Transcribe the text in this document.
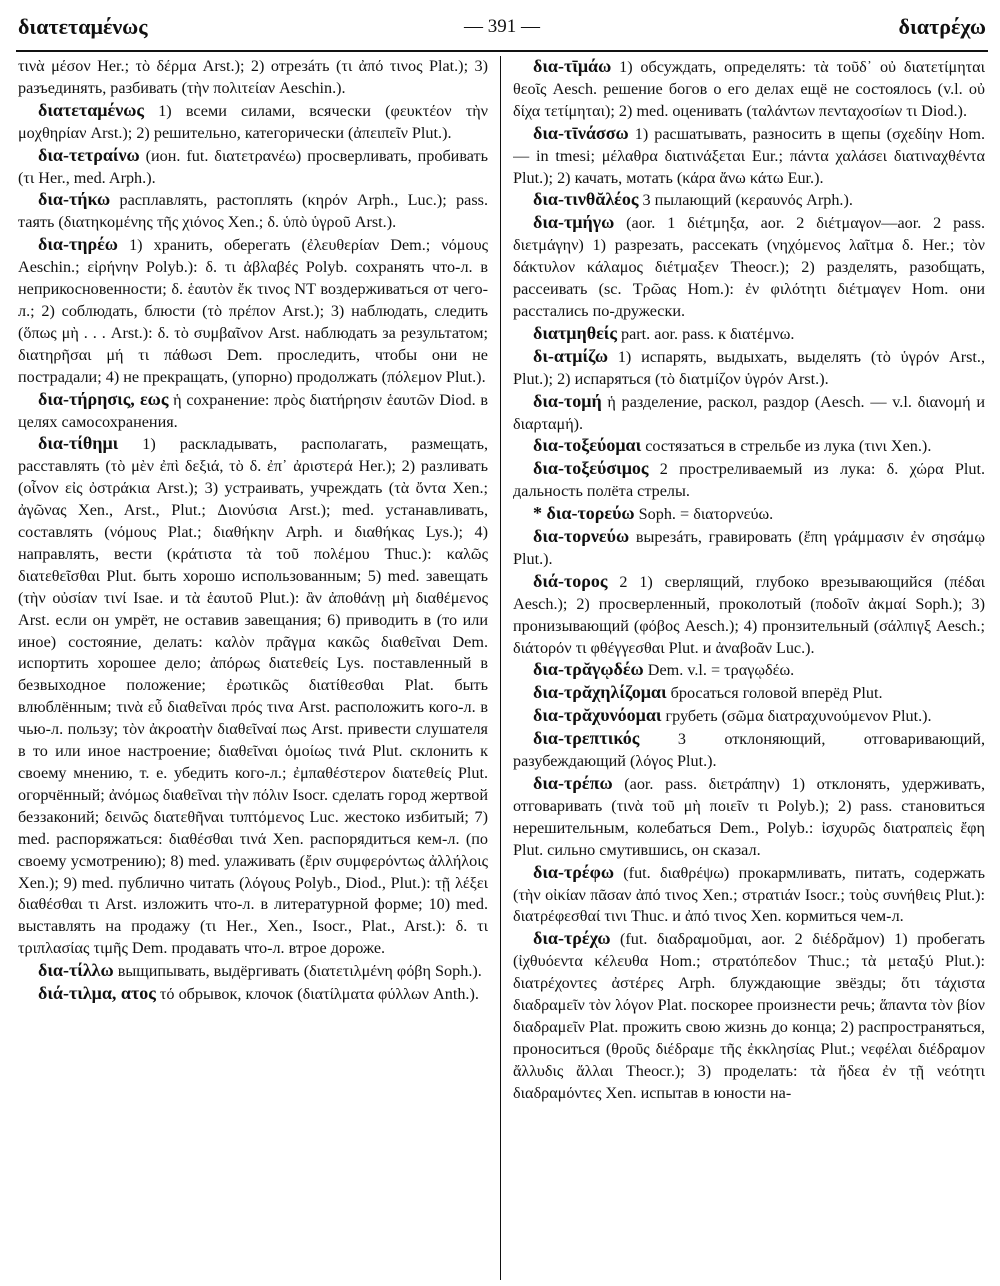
διατεταμένως	— 391 —	διατρέχω

τινὰ μέσον Her.; τὸ δέρμα Arst.); 2) отрезáть (τι ἀπό τινος Plat.); 3) разъединять, разбивать (τὴν πολιτείαν Aeschin.).

διατεταμένως 1) всеми силами, всячески (φευκτέον τὴν μοχθηρίαν Arst.); 2) решительно, категорически (ἀπειπεῖν Plut.).

δια-τετραίνω (ион. fut. διατετρανέω) просверливать, пробивать (τι Her., med. Arph.).

δια-τήκω расплавлять, растоплять (κηρόν Arph., Luc.); pass. таять (διατηκομένης τῆς χιόνος Xen.; δ. ὑπὸ ὑγροῦ Arst.).

δια-τηρέω 1) хранить, оберегать (ἐλευθερίαν Dem.; νόμους Aeschin.; εἰρήνην Polyb.): δ. τι ἀβλαβές Polyb. сохранять что-л. в неприкосновенности; δ. ἑαυτὸν ἔκ τινος NT воздерживаться от чего-л.; 2) соблюдать, блюсти (τὸ πρέπον Arst.); 3) наблюдать, следить (ὅπως μὴ . . . Arst.): δ. τὸ συμβαῖνον Arst. наблюдать за результатом; διατηρῆσαι μή τι πάθωσι Dem. проследить, чтобы они не пострадали; 4) не прекращать, (упорно) продолжать (πόλεμον Plut.).

δια-τήρησις, εως ἡ сохранение: πρὸς διατήρησιν ἑαυτῶν Diod. в целях самосохранения.

δια-τίθημι 1) раскладывать, располагать, размещать, расставлять (τὸ μὲν ἐπὶ δεξιά, τὸ δ. ἐπ᾽ ἀριστερά Her.); 2) разливать (οἶνον εἰς ὀστράκια Arst.); 3) устраивать, учреждать (τὰ ὄντα Xen.; ἀγῶνας Xen., Arst., Plut.; Διονύσια Arst.); med. устанавливать, составлять (νόμους Plat.; διαθήκην Arph. и διαθήκας Lys.); 4) направлять, вести (κράτιστα τὰ τοῦ πολέμου Thuc.): καλῶς διατεθεῖσθαι Plut. быть хорошо использованным; 5) med. завещать (τὴν οὐσίαν τινί Isae. и τὰ ἑαυτοῦ Plut.): ἂν ἀποθάνῃ μὴ διαθέμενος Arst. если он умрёт, не оставив завещания; 6) приводить в (то или иное) состояние, делать: καλὸν πρᾶγμα κακῶς διαθεῖναι Dem. испортить хорошее дело; ἀπόρως διατεθείς Lys. поставленный в безвыходное положение; ἐρωτικῶς διατίθεσθαι Plat. быть влюблённым; τινὰ εὖ διαθεῖναι πρός τινα Arst. расположить кого-л. в чью-л. пользу; τὸν ἀκροατὴν διαθεῖναί πως Arst. привести слушателя в то или иное настроение; διαθεῖναι ὁμοίως τινά Plut. склонить к своему мнению, т. е. убедить кого-л.; ἐμπαθέστερον διατεθείς Plut. огорчённый; ἀνόμως διαθεῖναι τὴν πόλιν Isocr. сделать город жертвой беззаконий; δεινῶς διατεθῆναι τυπτόμενος Luc. жестоко избитый; 7) med. распоряжаться: διαθέσθαι τινά Xen. распорядиться кем-л. (по своему усмотрению); 8) med. улаживать (ἔριν συμφερόντως ἀλλήλοις Xen.); 9) med. публично читать (λόγους Polyb., Diod., Plut.): τῇ λέξει διαθέσθαι τι Arst. изложить что-л. в литературной форме; 10) med. выставлять на продажу (τι Her., Xen., Isocr., Plat., Arst.): δ. τι τριπλασίας τιμῆς Dem. продавать что-л. втрое дороже.

δια-τίλλω выщипывать, выдёргивать (διατετιλμένη φόβη Soph.).

διά-τιλμα, ατος τό обрывок, клочок (διατίλματα φύλλων Anth.).

δια-τῑμάω 1) обсуждать, определять: τὰ τοῦδ᾽ οὐ διατετίμηται θεοῖς Aesch. решение богов о его делах ещё не состоялось (v.l. οὐ δίχα τετίμηται); 2) med. оценивать (ταλάντων πενταχοσίων τι Diod.).

δια-τῑνάσσω 1) расшатывать, разносить в щепы (σχεδίην Hom. — in tmesi; μέλαθρα διατινάξεται Eur.; πάντα χαλάσει διατιναχθέντα Plut.); 2) качать, мотать (κάρα ἄνω κάτω Eur.).

δια-τινθᾰλέος 3 пылающий (κεραυνός Arph.).

δια-τμήγω (aor. 1 διέτμηξα, aor. 2 διέτμαγον—aor. 2 pass. διετμάγην) 1) разрезать, рассекать (νηχόμενος λαῖτμα δ. Her.; τὸν δάκτυλον κάλαμος διέτμαξεν Theocr.); 2) разделять, разобщать, рассеивать (sc. Τρῶας Hom.): ἐν φιλότητι διέτμαγεν Hom. они расстались по-дружески.

διατμηθείς part. aor. pass. к διατέμνω.

δι-ατμίζω 1) испарять, выдыхать, выделять (τὸ ὑγρόν Arst., Plut.); 2) испаряться (τὸ διατμίζον ὑγρόν Arst.).

δια-τομή ἡ разделение, раскол, раздор (Aesch. — v.l. διανομή и διαρταμή).

δια-τοξεύομαι состязаться в стрельбе из лука (τινι Xen.).

δια-τοξεύσιμος 2 простреливаемый из лука: δ. χώρα Plut. дальность полёта стрелы.

* δια-τορεύω Soph. = διατορνεύω.

δια-τορνεύω вырезáть, гравировать (ἔπη γράμμασιν ἐν σησάμῳ Plut.).

διά-τορος 2 1) сверлящий, глубоко врезывающийся (πέδαι Aesch.); 2) просверленный, проколотый (ποδοῖν ἀκμαί Soph.); 3) пронизывающий (φόβος Aesch.); 4) пронзительный (σάλπιγξ Aesch.; διάτορόν τι φθέγγεσθαι Plut. и ἀναβοᾶν Luc.).

δια-τρᾰγῳδέω Dem. v.l. = τραγῳδέω.

δια-τρᾰχηλίζομαι бросаться головой вперёд Plut.

δια-τρᾰχυνόομαι грубеть (σῶμα διατραχυνούμενον Plut.).

δια-τρεπτικός 3 отклоняющий, отговаривающий, разубеждающий (λόγος Plut.).

δια-τρέπω (aor. pass. διετράπην) 1) отклонять, удерживать, отговаривать (τινὰ τοῦ μὴ ποιεῖν τι Polyb.); 2) pass. становиться нерешительным, колебаться Dem., Polyb.: ἰσχυρῶς διατραπεὶς ἔφη Plut. сильно смутившись, он сказал.

δια-τρέφω (fut. διαθρέψω) прокармливать, питать, содержать (τὴν οἰκίαν πᾶσαν ἀπό τινος Xen.; στρατιάν Isocr.; τοὺς συνήθεις Plut.): διατρέφεσθαί τινι Thuc. и ἀπό τινος Xen. кормиться чем-л.

δια-τρέχω (fut. διαδραμοῦμαι, aor. 2 διέδρᾰμον) 1) пробегать (ἰχθυόεντα κέλευθα Hom.; στρατόπεδον Thuc.; τὰ μεταξύ Plut.): διατρέχοντες ἀστέρες Arph. блуждающие звёзды; ὅτι τάχιστα διαδραμεῖν τὸν λόγον Plat. поскорее произнести речь; ἅπαντα τὸν βίον διαδραμεῖν Plat. прожить свою жизнь до конца; 2) распространяться, проноситься (θροῦς διέδραμε τῆς ἐκκλησίας Plut.; νεφέλαι διέδραμον ἄλλυδις ἄλλαι Theocr.); 3) проделать: τὰ ἤδεα ἐν τῇ νεότητι διαδραμόντες Xen. испытав в юности на-
